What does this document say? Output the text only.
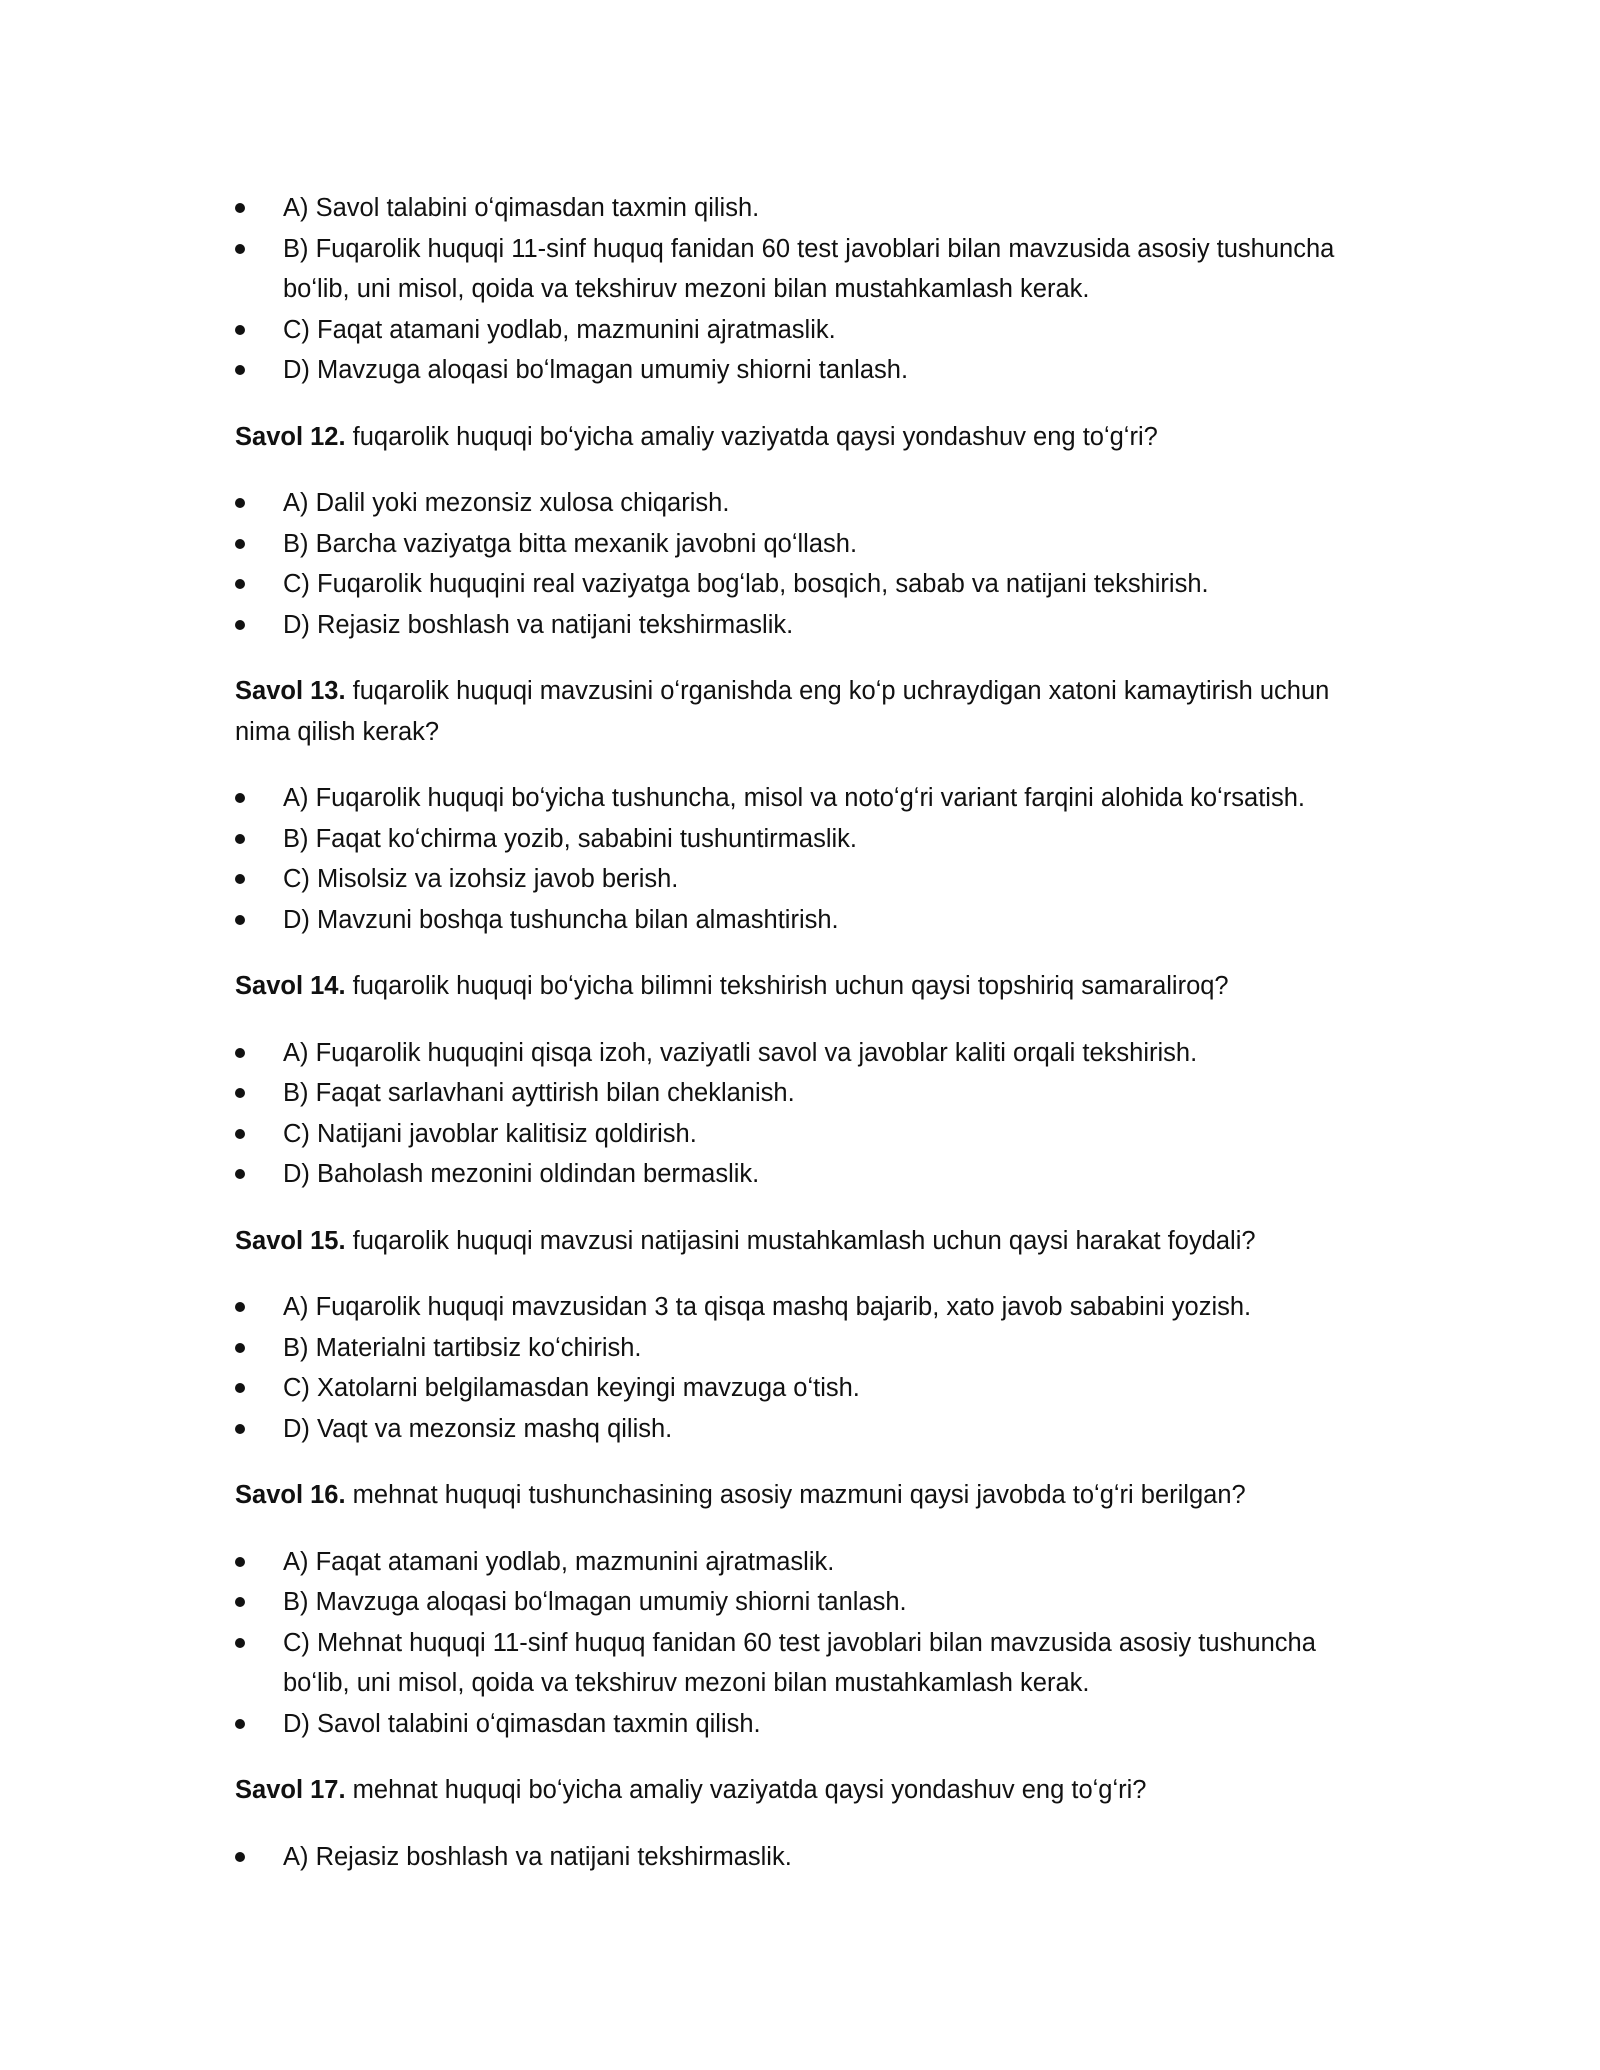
A) Savol talabini oʻqimasdan taxmin qilish.
B) Fuqarolik huquqi 11-sinf huquq fanidan 60 test javoblari bilan mavzusida asosiy tushuncha boʻlib, uni misol, qoida va tekshiruv mezoni bilan mustahkamlash kerak.
C) Faqat atamani yodlab, mazmunini ajratmaslik.
D) Mavzuga aloqasi boʻlmagan umumiy shiorni tanlash.

Savol 12. fuqarolik huquqi boʻyicha amaliy vaziyatda qaysi yondashuv eng toʻgʻri?

A) Dalil yoki mezonsiz xulosa chiqarish.
B) Barcha vaziyatga bitta mexanik javobni qoʻllash.
C) Fuqarolik huquqini real vaziyatga bogʻlab, bosqich, sabab va natijani tekshirish.
D) Rejasiz boshlash va natijani tekshirmaslik.

Savol 13. fuqarolik huquqi mavzusini oʻrganishda eng koʻp uchraydigan xatoni kamaytirish uchun nima qilish kerak?

A) Fuqarolik huquqi boʻyicha tushuncha, misol va notoʻgʻri variant farqini alohida koʻrsatish.
B) Faqat koʻchirma yozib, sababini tushuntirmaslik.
C) Misolsiz va izohsiz javob berish.
D) Mavzuni boshqa tushuncha bilan almashtirish.

Savol 14. fuqarolik huquqi boʻyicha bilimni tekshirish uchun qaysi topshiriq samaraliroq?

A) Fuqarolik huquqini qisqa izoh, vaziyatli savol va javoblar kaliti orqali tekshirish.
B) Faqat sarlavhani ayttirish bilan cheklanish.
C) Natijani javoblar kalitisiz qoldirish.
D) Baholash mezonini oldindan bermaslik.

Savol 15. fuqarolik huquqi mavzusi natijasini mustahkamlash uchun qaysi harakat foydali?

A) Fuqarolik huquqi mavzusidan 3 ta qisqa mashq bajarib, xato javob sababini yozish.
B) Materialni tartibsiz koʻchirish.
C) Xatolarni belgilamasdan keyingi mavzuga oʻtish.
D) Vaqt va mezonsiz mashq qilish.

Savol 16. mehnat huquqi tushunchasining asosiy mazmuni qaysi javobda toʻgʻri berilgan?

A) Faqat atamani yodlab, mazmunini ajratmaslik.
B) Mavzuga aloqasi boʻlmagan umumiy shiorni tanlash.
C) Mehnat huquqi 11-sinf huquq fanidan 60 test javoblari bilan mavzusida asosiy tushuncha boʻlib, uni misol, qoida va tekshiruv mezoni bilan mustahkamlash kerak.
D) Savol talabini oʻqimasdan taxmin qilish.

Savol 17. mehnat huquqi boʻyicha amaliy vaziyatda qaysi yondashuv eng toʻgʻri?

A) Rejasiz boshlash va natijani tekshirmaslik.
